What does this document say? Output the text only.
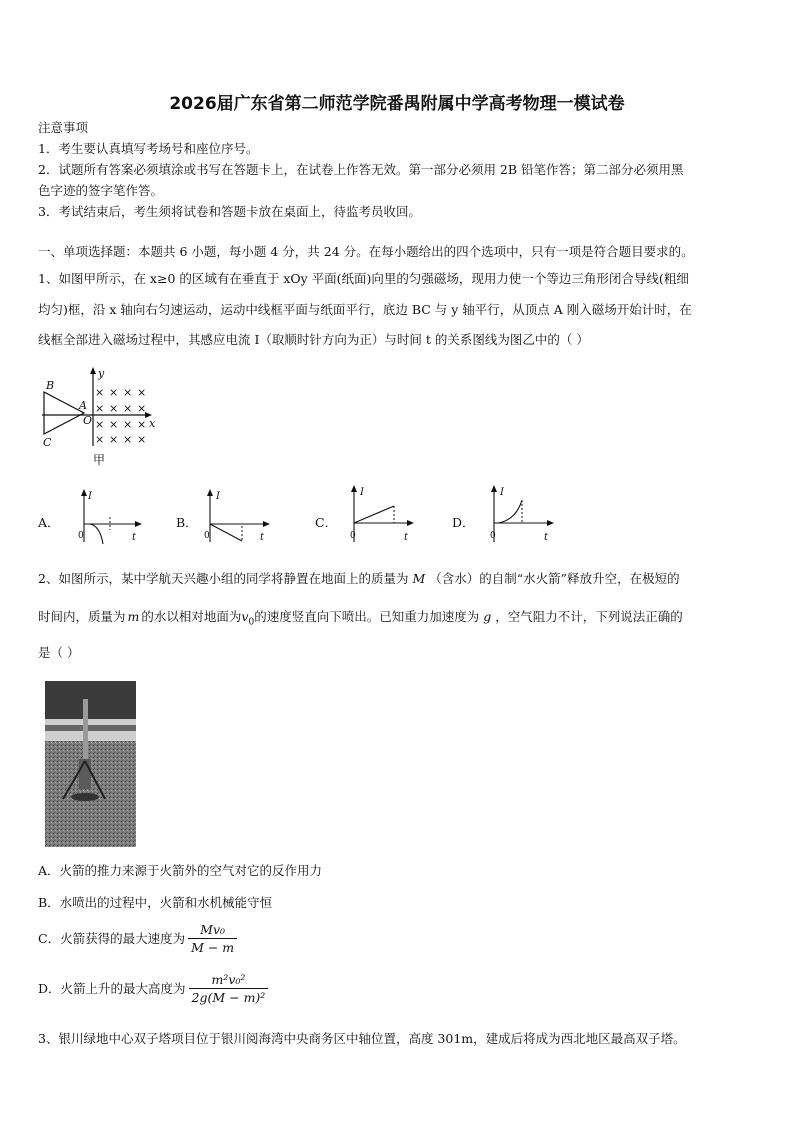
2026届广东省第二师范学院番禺附属中学高考物理一模试卷
注意事项
1．考生要认真填写考场号和座位序号。
2．试题所有答案必须填涂或书写在答题卡上，在试卷上作答无效。第一部分必须用 2B 铅笔作答；第二部分必须用黑
色字迹的签字笔作答。
3．考试结束后，考生须将试卷和答题卡放在桌面上，待监考员收回。
一、单项选择题：本题共 6 小题，每小题 4 分，共 24 分。在每小题给出的四个选项中，只有一项是符合题目要求的。
1、如图甲所示，在 x≥0 的区域有在垂直于 xOy 平面(纸面)向里的匀强磁场，现用力使一个等边三角形闭合导线(粗细
均匀)框，沿 x 轴向右匀速运动，运动中线框平面与纸面平行，底边 BC 与 y 轴平行，从顶点 A 刚入磁场开始计时，在
线框全部进入磁场过程中，其感应电流 I（取顺时针方向为正）与时间 t 的关系图线为图乙中的（ ）
× × × ×
× × × ×
× × × ×
× × × ×
B
A
C
O
y
x
甲
A．
I
0	t
B．
I
0	t
C．
I
0	t
D．
I
0	t
2、如图所示，某中学航天兴趣小组的同学将静置在地面上的质量为 M （含水）的自制“水火箭”释放升空，在极短的
时间内，质量为 m 的水以相对地面为$v_0$的速度竖直向下喷出。已知重力加速度为 g ，空气阻力不计，下列说法正确的
是（ ）
A．火箭的推力来源于火箭外的空气对它的反作用力
B．水喷出的过程中，火箭和水机械能守恒
C．火箭获得的最大速度为 $\frac{\text{Mv₀}}{M - m}$
D．火箭上升的最大高度为 $\frac{\text{m²v₀²}}{\text{2g(M − m)²}}$
3、银川绿地中心双子塔项目位于银川阅海湾中央商务区中轴位置，高度 301m，建成后将成为西北地区最高双子塔。
